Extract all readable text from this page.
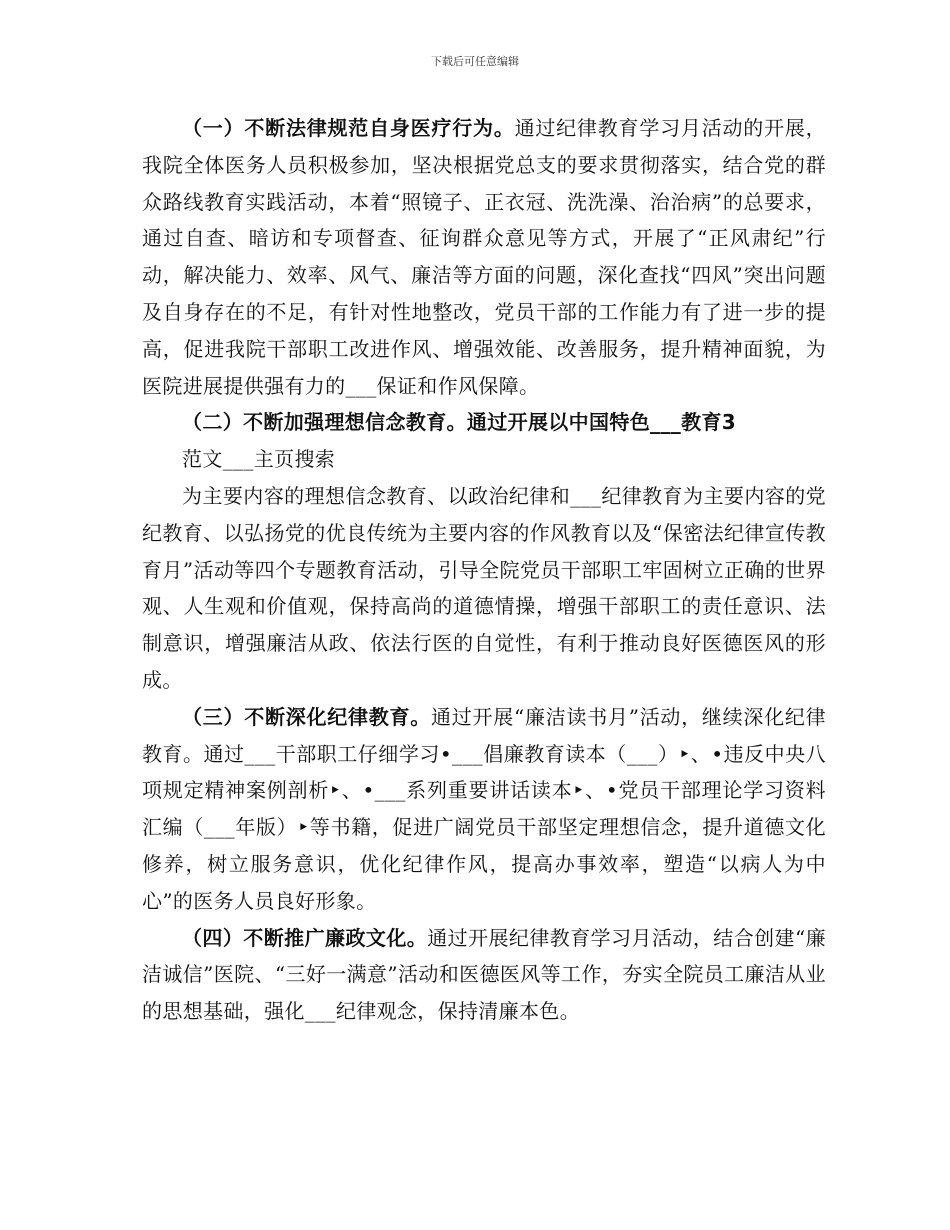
下载后可任意编辑

（一）不断法律规范自身医疗行为。通过纪律教育学习月活动的开展，我院全体医务人员积极参加，坚决根据党总支的要求贯彻落实，结合党的群众路线教育实践活动，本着“照镜子、正衣冠、洗洗澡、治治病”的总要求，通过自查、暗访和专项督查、征询群众意见等方式，开展了“正风肃纪”行动，解决能力、效率、风气、廉洁等方面的问题，深化查找“四风”突出问题及自身存在的不足，有针对性地整改，党员干部的工作能力有了进一步的提高，促进我院干部职工改进作风、增强效能、改善服务，提升精神面貌，为医院进展提供强有力的___保证和作风保障。

（二）不断加强理想信念教育。通过开展以中国特色___教育3

范文___主页搜索

为主要内容的理想信念教育、以政治纪律和___纪律教育为主要内容的党纪教育、以弘扬党的优良传统为主要内容的作风教育以及“保密法纪律宣传教育月”活动等四个专题教育活动，引导全院党员干部职工牢固树立正确的世界观、人生观和价值观，保持高尚的道德情操，增强干部职工的责任意识、法制意识，增强廉洁从政、依法行医的自觉性，有利于推动良好医德医风的形成。

（三）不断深化纪律教育。通过开展“廉洁读书月”活动，继续深化纪律教育。通过___干部职工仔细学习•___倡廉教育读本（___）‣、•违反中央八项规定精神案例剖析‣、•___系列重要讲话读本‣、•党员干部理论学习资料汇编（___年版）‣等书籍，促进广阔党员干部坚定理想信念，提升道德文化修养，树立服务意识，优化纪律作风，提高办事效率，塑造“以病人为中心”的医务人员良好形象。

（四）不断推广廉政文化。通过开展纪律教育学习月活动，结合创建“廉洁诚信”医院、“三好一满意”活动和医德医风等工作，夯实全院员工廉洁从业的思想基础，强化___纪律观念，保持清廉本色。
